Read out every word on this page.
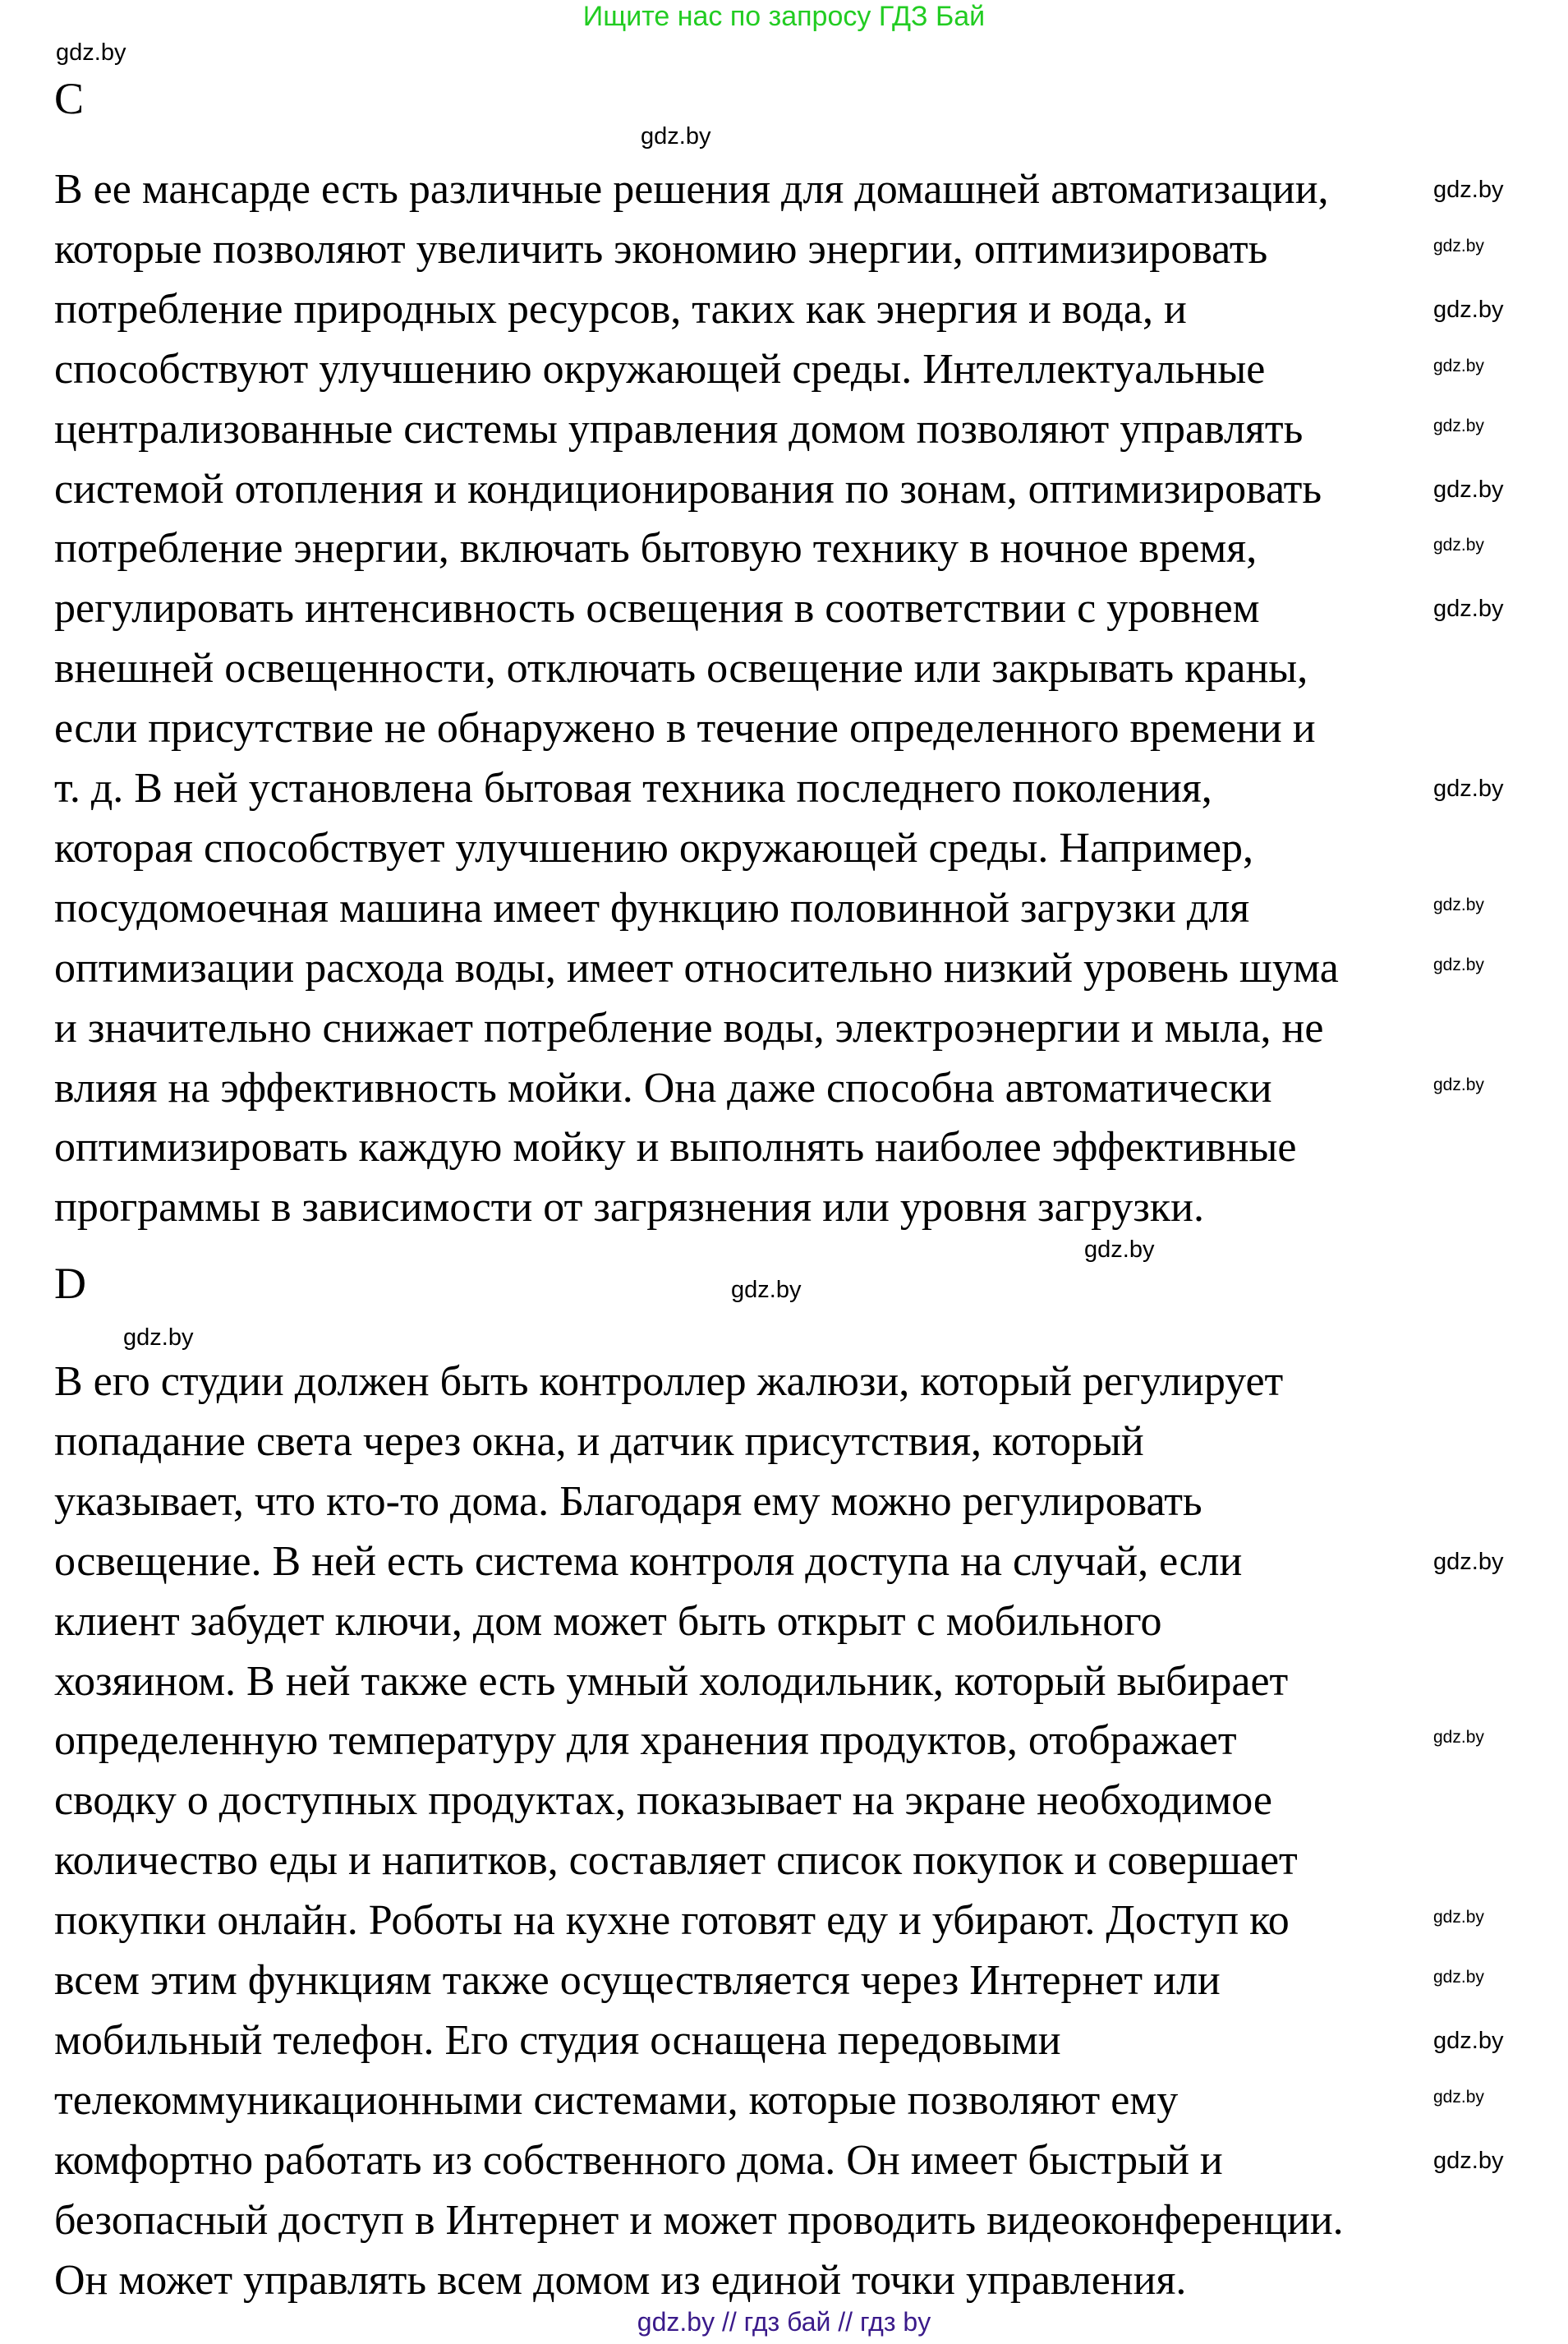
Ищите нас по запросу ГДЗ Бай
C
В ее мансарде есть различные решения для домашней автоматизации,
которые позволяют увеличить экономию энергии, оптимизировать
потребление природных ресурсов, таких как энергия и вода, и
способствуют улучшению окружающей среды. Интеллектуальные
централизованные системы управления домом позволяют управлять
системой отопления и кондиционирования по зонам, оптимизировать
потребление энергии, включать бытовую технику в ночное время,
регулировать интенсивность освещения в соответствии с уровнем
внешней освещенности, отключать освещение или закрывать краны,
если присутствие не обнаружено в течение определенного времени и
т. д. В ней установлена бытовая техника последнего поколения,
которая способствует улучшению окружающей среды. Например,
посудомоечная машина имеет функцию половинной загрузки для
оптимизации расхода воды, имеет относительно низкий уровень шума
и значительно снижает потребление воды, электроэнергии и мыла, не
влияя на эффективность мойки. Она даже способна автоматически
оптимизировать каждую мойку и выполнять наиболее эффективные
программы в зависимости от загрязнения или уровня загрузки.
D
В его студии должен быть контроллер жалюзи, который регулирует
попадание света через окна, и датчик присутствия, который
указывает, что кто-то дома. Благодаря ему можно регулировать
освещение. В ней есть система контроля доступа на случай, если
клиент забудет ключи, дом может быть открыт с мобильного
хозяином. В ней также есть умный холодильник, который выбирает
определенную температуру для хранения продуктов, отображает
сводку о доступных продуктах, показывает на экране необходимое
количество еды и напитков, составляет список покупок и совершает
покупки онлайн. Роботы на кухне готовят еду и убирают. Доступ ко
всем этим функциям также осуществляется через Интернет или
мобильный телефон. Его студия оснащена передовыми
телекоммуникационными системами, которые позволяют ему
комфортно работать из собственного дома. Он имеет быстрый и
безопасный доступ в Интернет и может проводить видеоконференции.
Он может управлять всем домом из единой точки управления.
gdz.by
gdz.by
gdz.by
gdz.by
gdz.by
gdz.by
gdz.by
gdz.by
gdz.by
gdz.by
gdz.by
gdz.by
gdz.by
gdz.by
gdz.by
gdz.by
gdz.by
gdz.by
gdz.by
gdz.by
gdz.by
gdz.by
gdz.by
gdz.by
gdz.by // гдз бай // гдз by
